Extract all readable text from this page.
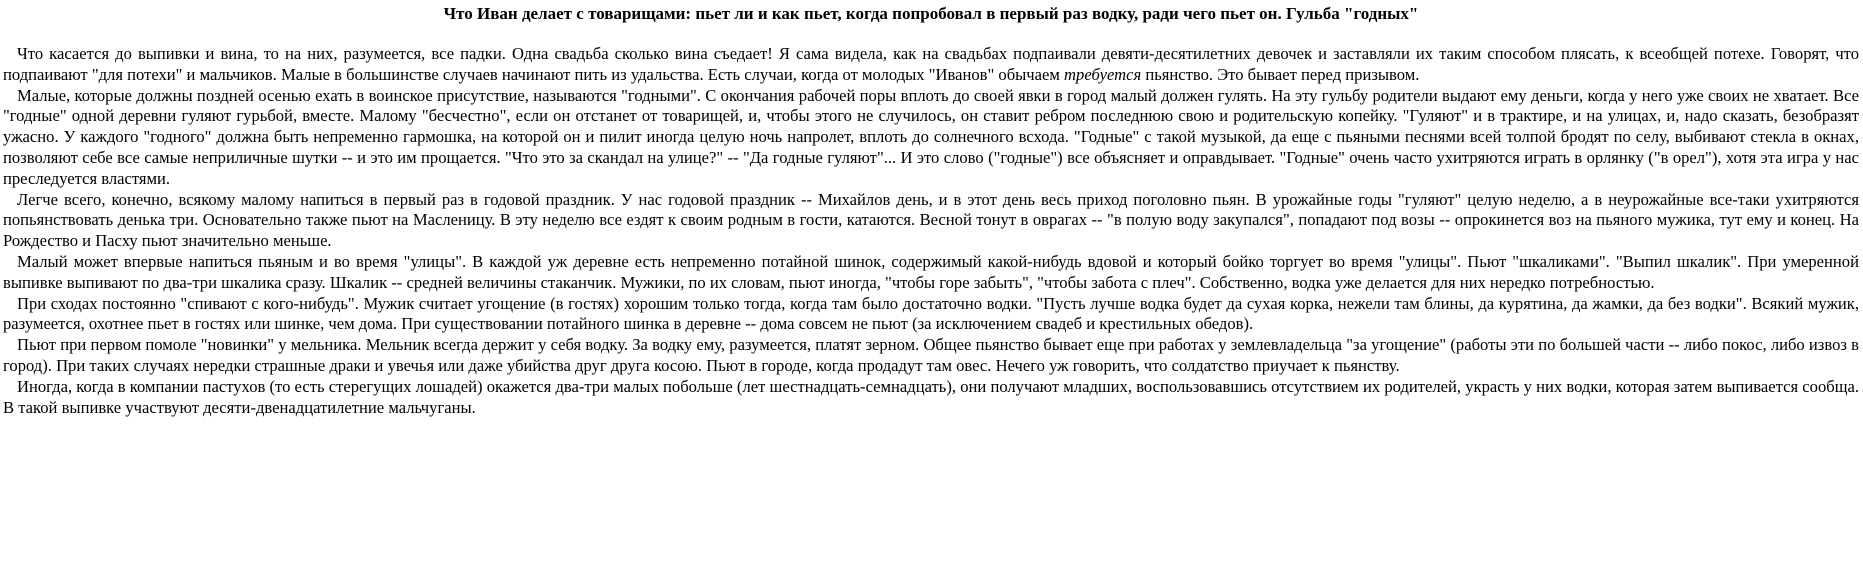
Что Иван делает с товарищами: пьет ли и как пьет, когда попробовал в первый раз водку, ради чего пьет он. Гульба "годных"

Что касается до выпивки и вина, то на них, разумеется, все падки. Одна свадьба сколько вина съедает! Я сама видела, как на свадьбах подпаивали девяти-десятилетних девочек и заставляли их таким способом плясать, к всеобщей потехе. Говорят, что подпаивают "для потехи" и мальчиков. Малые в большинстве случаев начинают пить из удальства. Есть случаи, когда от молодых "Иванов" обычаем требуется пьянство. Это бывает перед призывом.

Малые, которые должны поздней осенью ехать в воинское присутствие, называются "годными". С окончания рабочей поры вплоть до своей явки в город малый должен гулять. На эту гульбу родители выдают ему деньги, когда у него уже своих не хватает. Все "годные" одной деревни гуляют гурьбой, вместе. Малому "бесчестно", если он отстанет от товарищей, и, чтобы этого не случилось, он ставит ребром последнюю свою и родительскую копейку. "Гуляют" и в трактире, и на улицах, и, надо сказать, безобразят ужасно. У каждого "годного" должна быть непременно гармошка, на которой он и пилит иногда целую ночь напролет, вплоть до солнечного всхода. "Годные" с такой музыкой, да еще с пьяными песнями всей толпой бродят по селу, выбивают стекла в окнах, позволяют себе все самые неприличные шутки -- и это им прощается. "Что это за скандал на улице?" -- "Да годные гуляют"... И это слово ("годные") все объясняет и оправдывает. "Годные" очень часто ухитряются играть в орлянку ("в орел"), хотя эта игра у нас преследуется властями.

Легче всего, конечно, всякому малому напиться в первый раз в годовой праздник. У нас годовой праздник -- Михайлов день, и в этот день весь приход поголовно пьян. В урожайные годы "гуляют" целую неделю, а в неурожайные все-таки ухитряются попьянствовать денька три. Основательно также пьют на Масленицу. В эту неделю все ездят к своим родным в гости, катаются. Весной тонут в оврагах -- "в полую воду закупался", попадают под возы -- опрокинется воз на пьяного мужика, тут ему и конец. На Рождество и Пасху пьют значительно меньше.

Малый может впервые напиться пьяным и во время "улицы". В каждой уж деревне есть непременно потайной шинок, содержимый какой-нибудь вдовой и который бойко торгует во время "улицы". Пьют "шкаликами". "Выпил шкалик". При умеренной выпивке выпивают по два-три шкалика сразу. Шкалик -- средней величины стаканчик. Мужики, по их словам, пьют иногда, "чтобы горе забыть", "чтобы забота с плеч". Собственно, водка уже делается для них нередко потребностью.

При сходах постоянно "спивают с кого-нибудь". Мужик считает угощение (в гостях) хорошим только тогда, когда там было достаточно водки. "Пусть лучше водка будет да сухая корка, нежели там блины, да курятина, да жамки, да без водки". Всякий мужик, разумеется, охотнее пьет в гостях или шинке, чем дома. При существовании потайного шинка в деревне -- дома совсем не пьют (за исключением свадеб и крестильных обедов).

Пьют при первом помоле "новинки" у мельника. Мельник всегда держит у себя водку. За водку ему, разумеется, платят зерном. Общее пьянство бывает еще при работах у землевладельца "за угощение" (работы эти по большей части -- либо покос, либо извоз в город). При таких случаях нередки страшные драки и увечья или даже убийства друг друга косою. Пьют в городе, когда продадут там овес. Нечего уж говорить, что солдатство приучает к пьянству.

Иногда, когда в компании пастухов (то есть стерегущих лошадей) окажется два-три малых побольше (лет шестнадцать-семнадцать), они получают младших, воспользовавшись отсутствием их родителей, украсть у них водки, которая затем выпивается сообща. В такой выпивке участвуют десяти-двенадцатилетние мальчуганы.
